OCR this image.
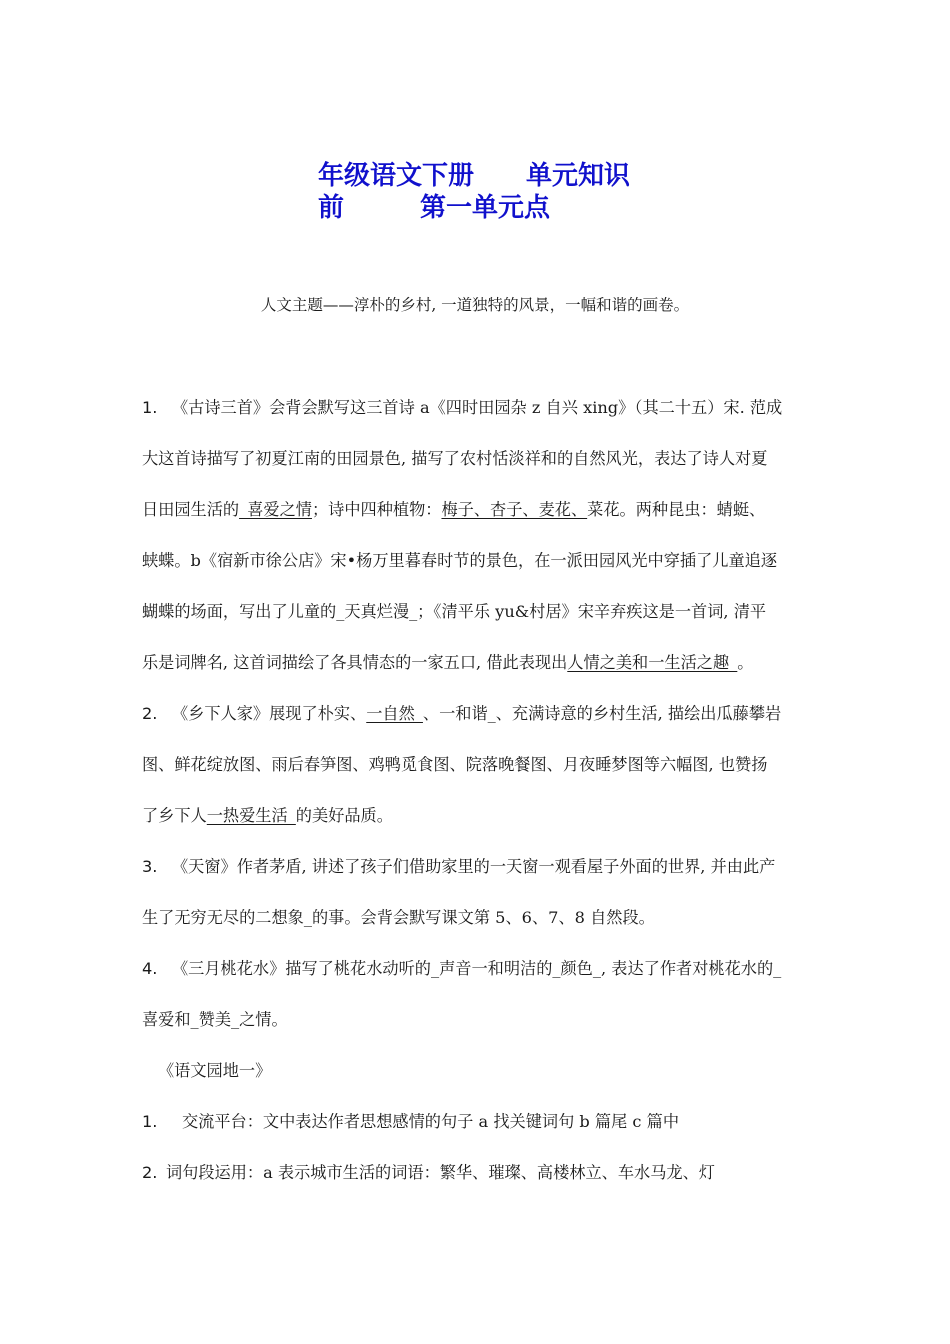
年级语文下册	单元知识
前	第一单元点
人文主题——淳朴的乡村, 一道独特的风景，一幅和谐的画卷。

1. 《古诗三首》会背会默写这三首诗 a《四时田园杂 z 自兴 xing》（其二十五）宋. 范成

大这首诗描写了初夏江南的田园景色, 描写了农村恬淡祥和的自然风光，表达了诗人对夏

日田园生活的_喜爱之情；诗中四种植物：梅子、杏子、麦花、菜花。两种昆虫：蜻蜓、

蛱蝶。b《宿新市徐公店》宋•杨万里暮春时节的景色，在一派田园风光中穿插了儿童追逐

蝴蝶的场面，写出了儿童的_天真烂漫_；《清平乐 yu&村居》宋辛弃疾这是一首词, 清平

乐是词牌名, 这首词描绘了各具情态的一家五口, 借此表现出人情之美和一生活之趣_。

2. 《乡下人家》展现了朴实、一自然_、一和谐_、充满诗意的乡村生活, 描绘出瓜藤攀岩

图、鲜花绽放图、雨后春笋图、鸡鸭觅食图、院落晚餐图、月夜睡梦图等六幅图, 也赞扬

了乡下人一热爱生活_的美好品质。

3. 《天窗》作者茅盾, 讲述了孩子们借助家里的一天窗一观看屋子外面的世界, 并由此产

生了无穷无尽的二想象_的事。会背会默写课文第 5、6、7、8 自然段。

4. 《三月桃花水》描写了桃花水动听的_声音一和明洁的_颜色_, 表达了作者对桃花水的_

喜爱和_赞美_之情。

《语文园地一》

1. 交流平台：文中表达作者思想感情的句子 a 找关键词句 b 篇尾 c 篇中

2. 词句段运用：a 表示城市生活的词语：繁华、璀璨、高楼林立、车水马龙、灯
